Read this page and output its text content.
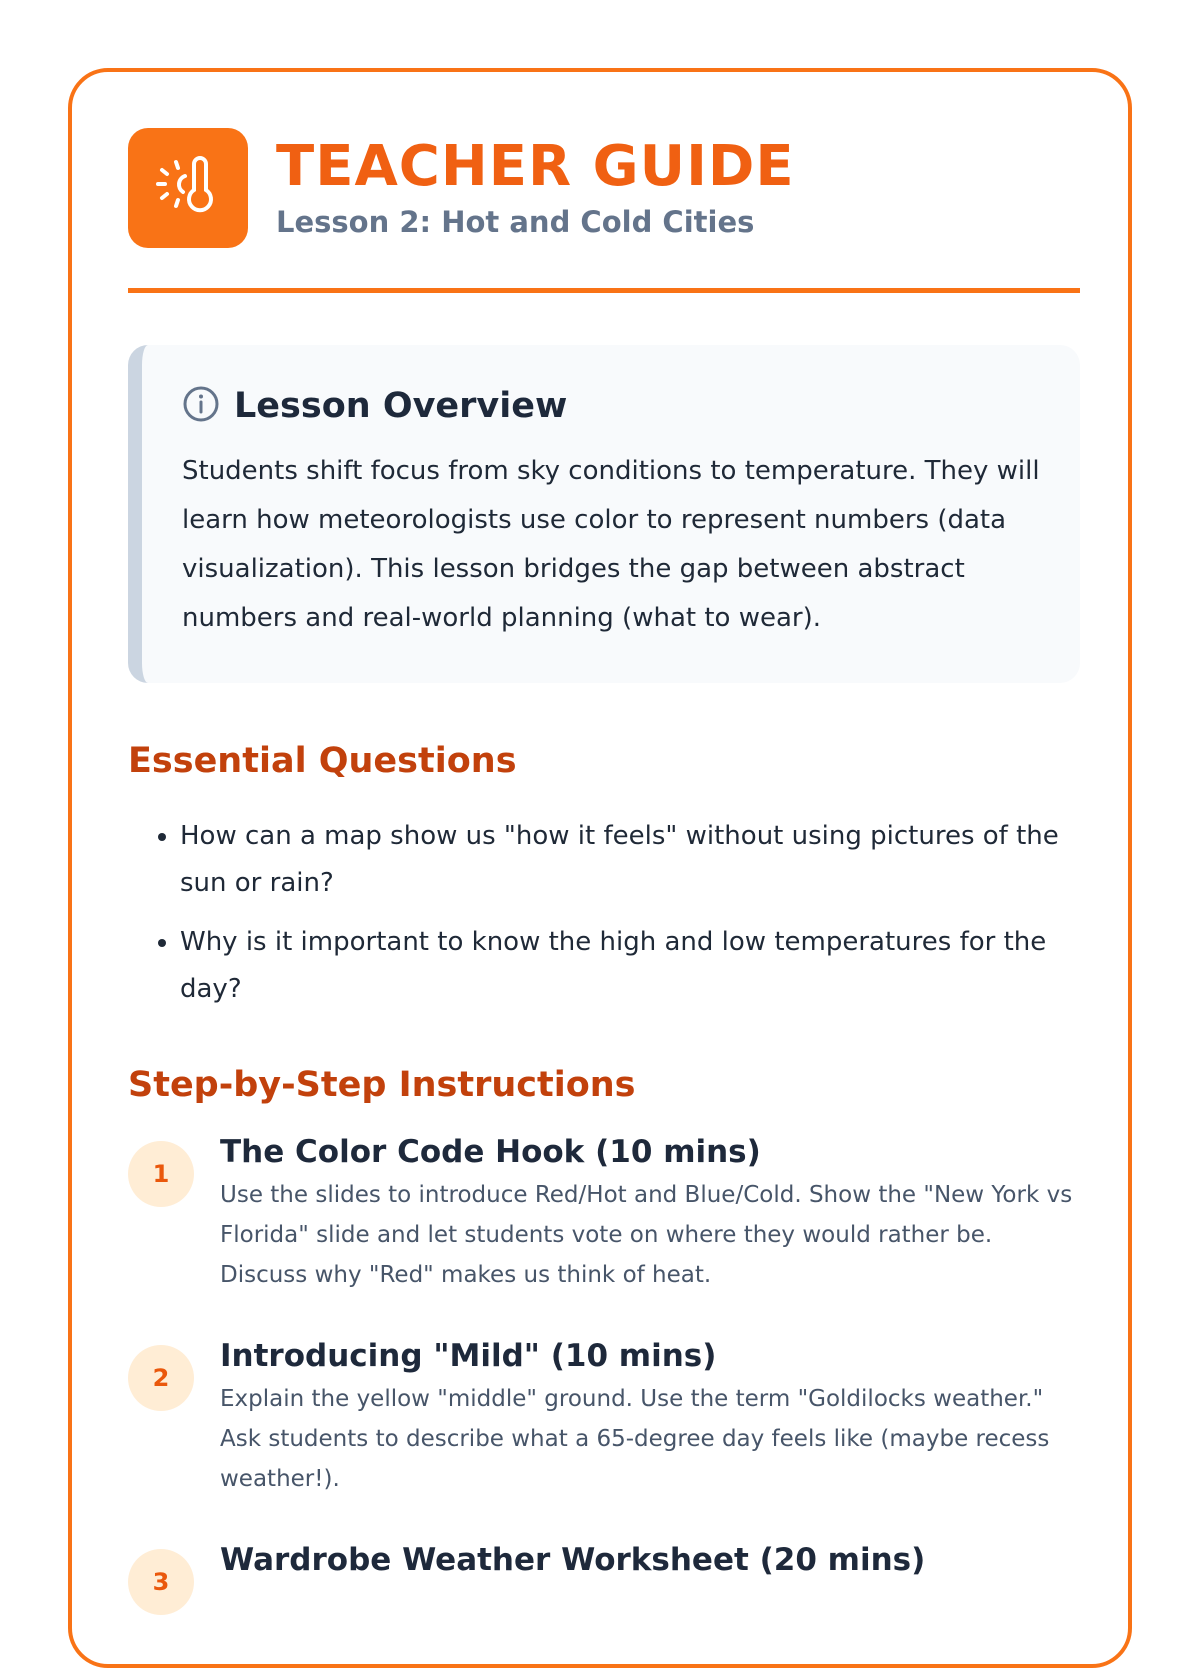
TEACHER GUIDE
Lesson 2: Hot and Cold Cities
Lesson Overview
Students shift focus from sky conditions to temperature. They will learn how meteorologists use color to represent numbers (data visualization). This lesson bridges the gap between abstract numbers and real-world planning (what to wear).
Essential Questions
• How can a map show us "how it feels" without using pictures of the sun or rain?
• Why is it important to know the high and low temperatures for the day?
Step-by-Step Instructions
1
The Color Code Hook (10 mins)
Use the slides to introduce Red/Hot and Blue/Cold. Show the "New York vs Florida" slide and let students vote on where they would rather be. Discuss why "Red" makes us think of heat.
2
Introducing "Mild" (10 mins)
Explain the yellow "middle" ground. Use the term "Goldilocks weather." Ask students to describe what a 65-degree day feels like (maybe recess weather!).
3
Wardrobe Weather Worksheet (20 mins)
